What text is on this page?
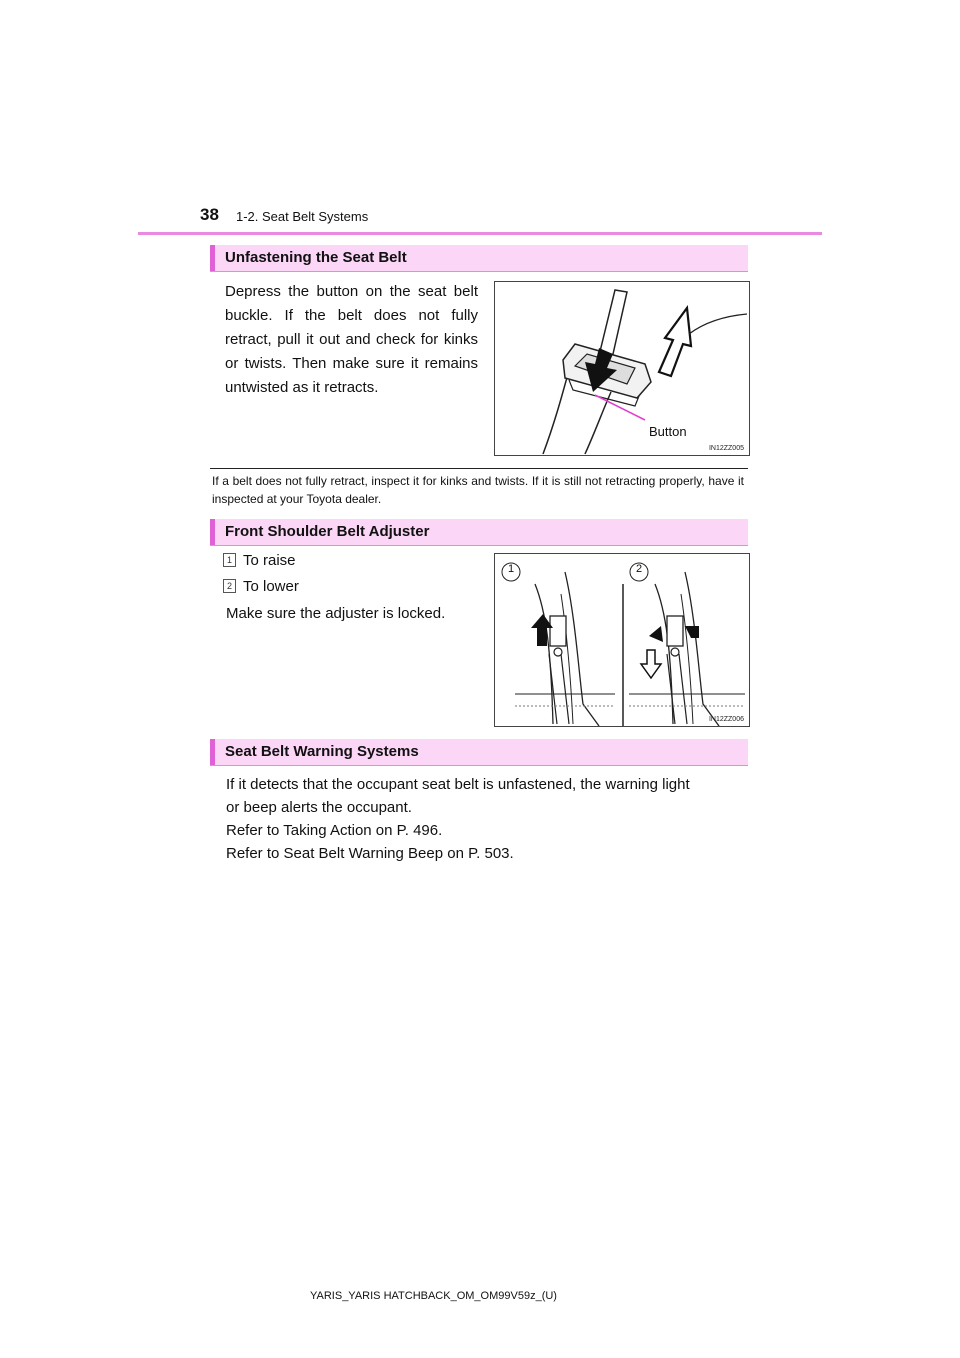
38 1-2. Seat Belt Systems
Unfastening the Seat Belt
Depress the button on the seat belt buckle. If the belt does not fully retract, pull it out and check for kinks or twists. Then make sure it remains untwisted as it retracts.
Button
IN12ZZ005
If a belt does not fully retract, inspect it for kinks and twists. If it is still not retracting properly, have it inspected at your Toyota dealer.
Front Shoulder Belt Adjuster
1 To raise
2 To lower
Make sure the adjuster is locked.
1	2
IN12ZZ006
Seat Belt Warning Systems
If it detects that the occupant seat belt is unfastened, the warning light
or beep alerts the occupant.
Refer to Taking Action on P. 496.
Refer to Seat Belt Warning Beep on P. 503.
YARIS_YARIS HATCHBACK_OM_OM99V59z_(U)
